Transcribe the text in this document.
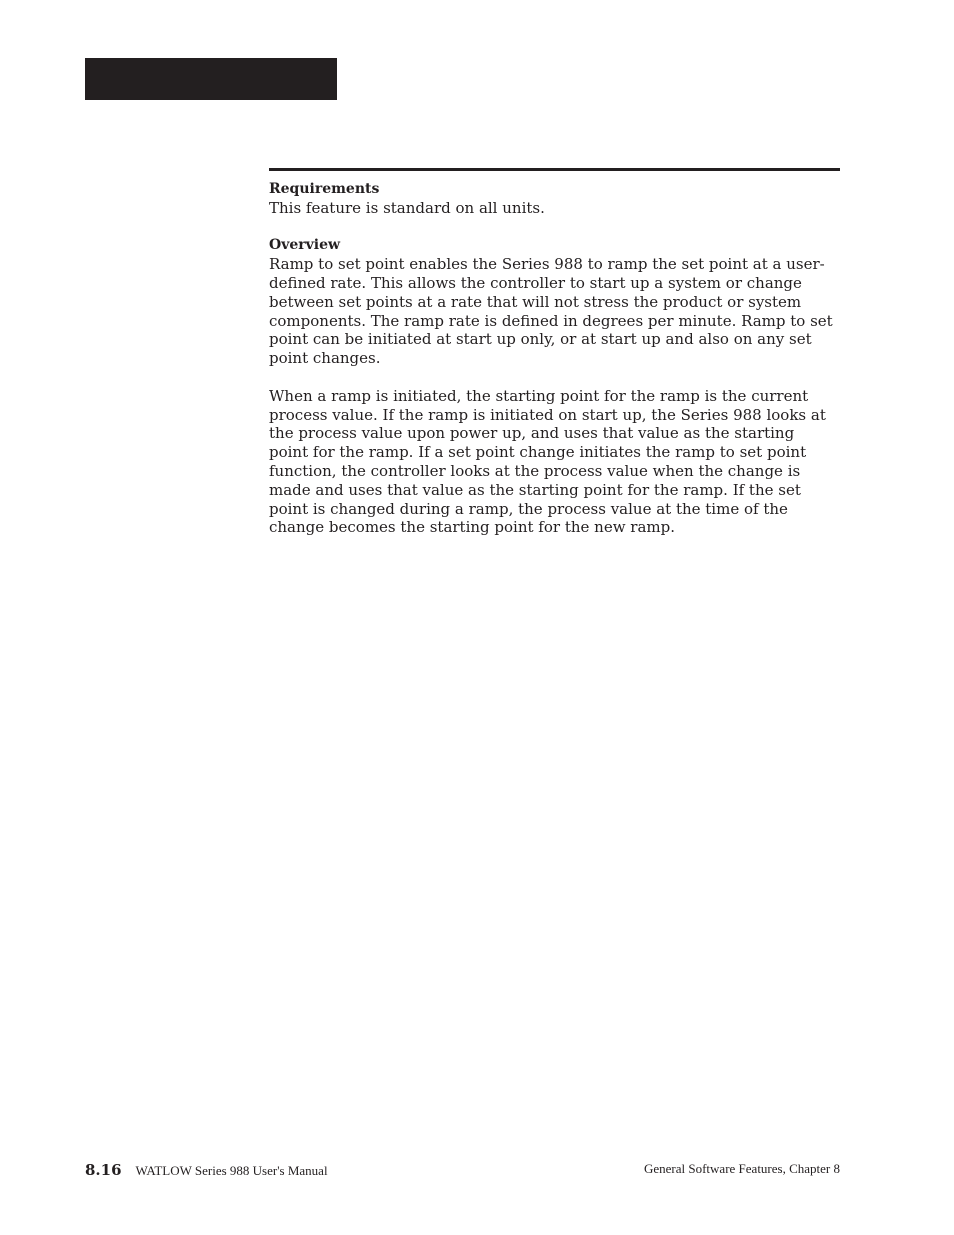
Requirements

This feature is standard on all units.

Overview

Ramp to set point enables the Series 988 to ramp the set point at a user-
defined rate. This allows the controller to start up a system or change
between set points at a rate that will not stress the product or system
components. The ramp rate is defined in degrees per minute. Ramp to set
point can be initiated at start up only, or at start up and also on any set
point changes.

When a ramp is initiated, the starting point for the ramp is the current
process value. If the ramp is initiated on start up, the Series 988 looks at
the process value upon power up, and uses that value as the starting
point for the ramp. If a set point change initiates the ramp to set point
function, the controller looks at the process value when the change is
made and uses that value as the starting point for the ramp. If the set
point is changed during a ramp, the process value at the time of the
change becomes the starting point for the new ramp.

8.16 WATLOW Series 988 User's Manual	General Software Features, Chapter 8
